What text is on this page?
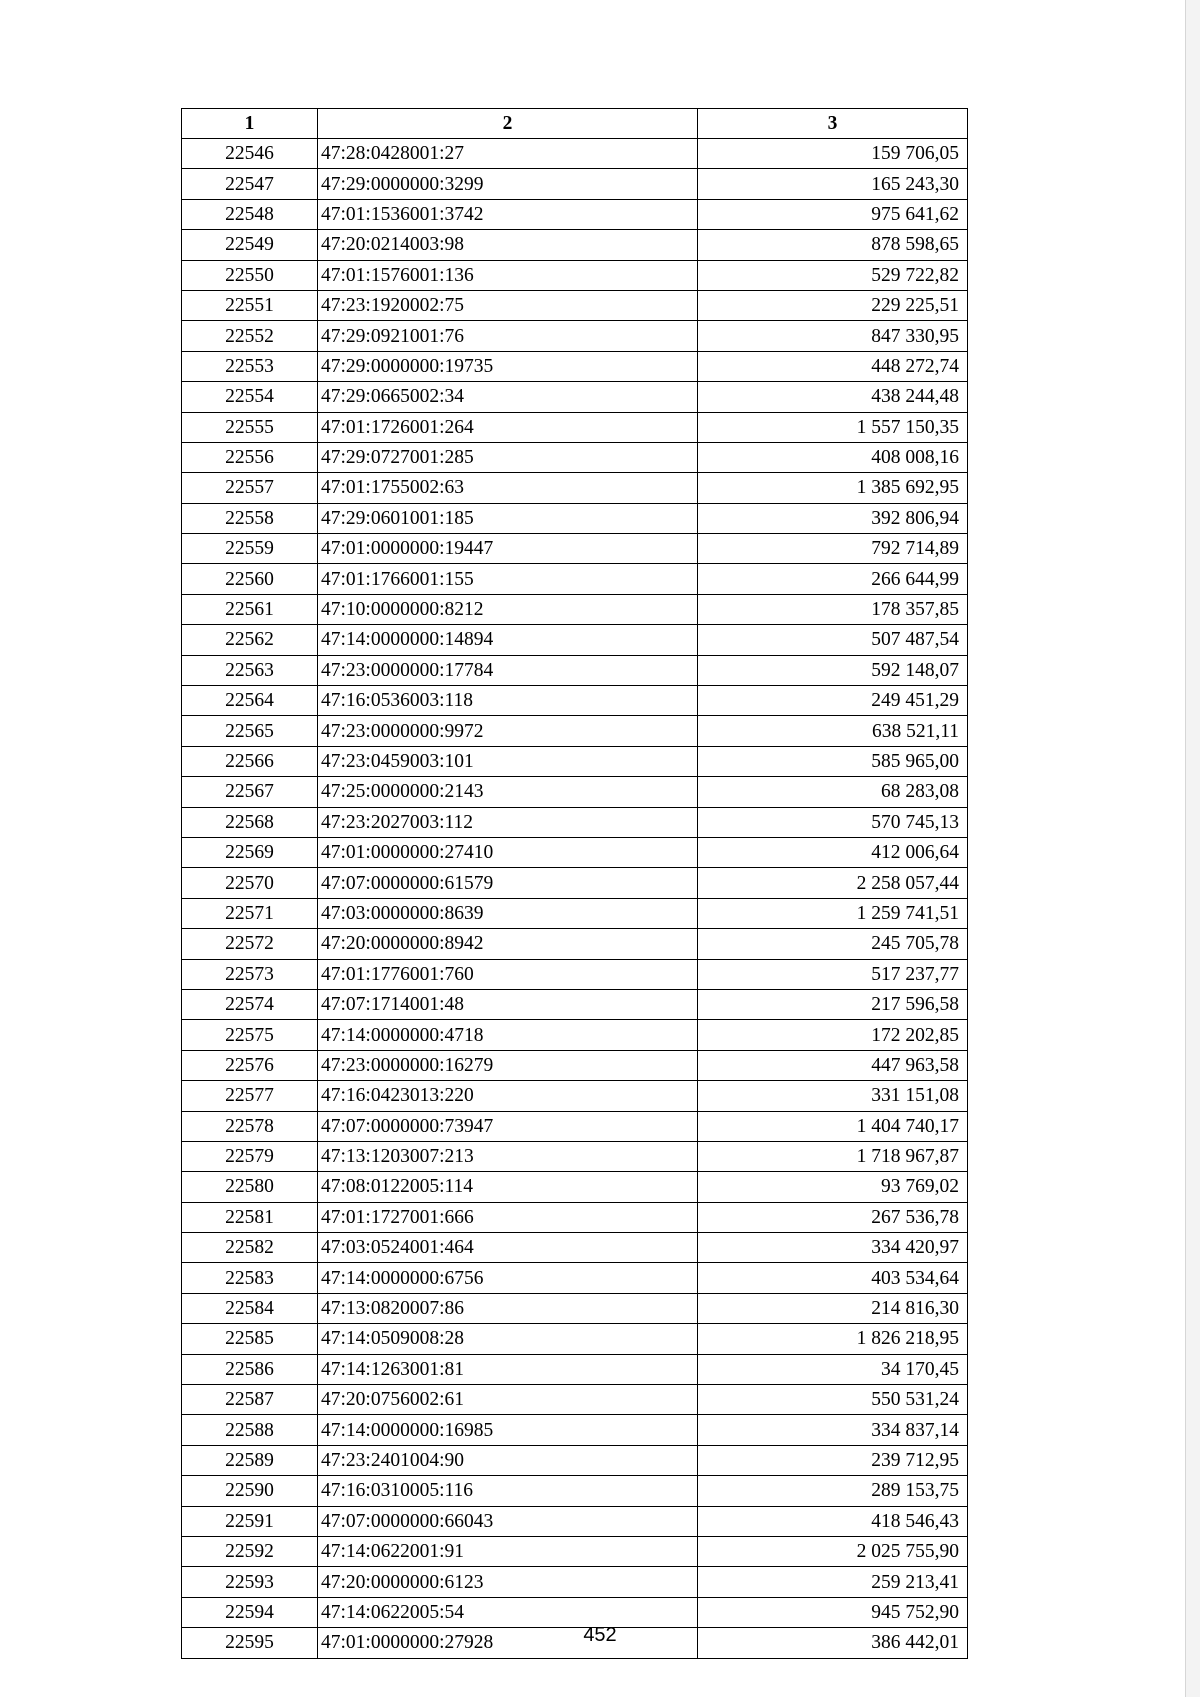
1	2	3
22546	47:28:0428001:27	159 706,05
22547	47:29:0000000:3299	165 243,30
22548	47:01:1536001:3742	975 641,62
22549	47:20:0214003:98	878 598,65
22550	47:01:1576001:136	529 722,82
22551	47:23:1920002:75	229 225,51
22552	47:29:0921001:76	847 330,95
22553	47:29:0000000:19735	448 272,74
22554	47:29:0665002:34	438 244,48
22555	47:01:1726001:264	1 557 150,35
22556	47:29:0727001:285	408 008,16
22557	47:01:1755002:63	1 385 692,95
22558	47:29:0601001:185	392 806,94
22559	47:01:0000000:19447	792 714,89
22560	47:01:1766001:155	266 644,99
22561	47:10:0000000:8212	178 357,85
22562	47:14:0000000:14894	507 487,54
22563	47:23:0000000:17784	592 148,07
22564	47:16:0536003:118	249 451,29
22565	47:23:0000000:9972	638 521,11
22566	47:23:0459003:101	585 965,00
22567	47:25:0000000:2143	68 283,08
22568	47:23:2027003:112	570 745,13
22569	47:01:0000000:27410	412 006,64
22570	47:07:0000000:61579	2 258 057,44
22571	47:03:0000000:8639	1 259 741,51
22572	47:20:0000000:8942	245 705,78
22573	47:01:1776001:760	517 237,77
22574	47:07:1714001:48	217 596,58
22575	47:14:0000000:4718	172 202,85
22576	47:23:0000000:16279	447 963,58
22577	47:16:0423013:220	331 151,08
22578	47:07:0000000:73947	1 404 740,17
22579	47:13:1203007:213	1 718 967,87
22580	47:08:0122005:114	93 769,02
22581	47:01:1727001:666	267 536,78
22582	47:03:0524001:464	334 420,97
22583	47:14:0000000:6756	403 534,64
22584	47:13:0820007:86	214 816,30
22585	47:14:0509008:28	1 826 218,95
22586	47:14:1263001:81	34 170,45
22587	47:20:0756002:61	550 531,24
22588	47:14:0000000:16985	334 837,14
22589	47:23:2401004:90	239 712,95
22590	47:16:0310005:116	289 153,75
22591	47:07:0000000:66043	418 546,43
22592	47:14:0622001:91	2 025 755,90
22593	47:20:0000000:6123	259 213,41
22594	47:14:0622005:54	945 752,90
22595	47:01:0000000:27928	386 442,01
452
